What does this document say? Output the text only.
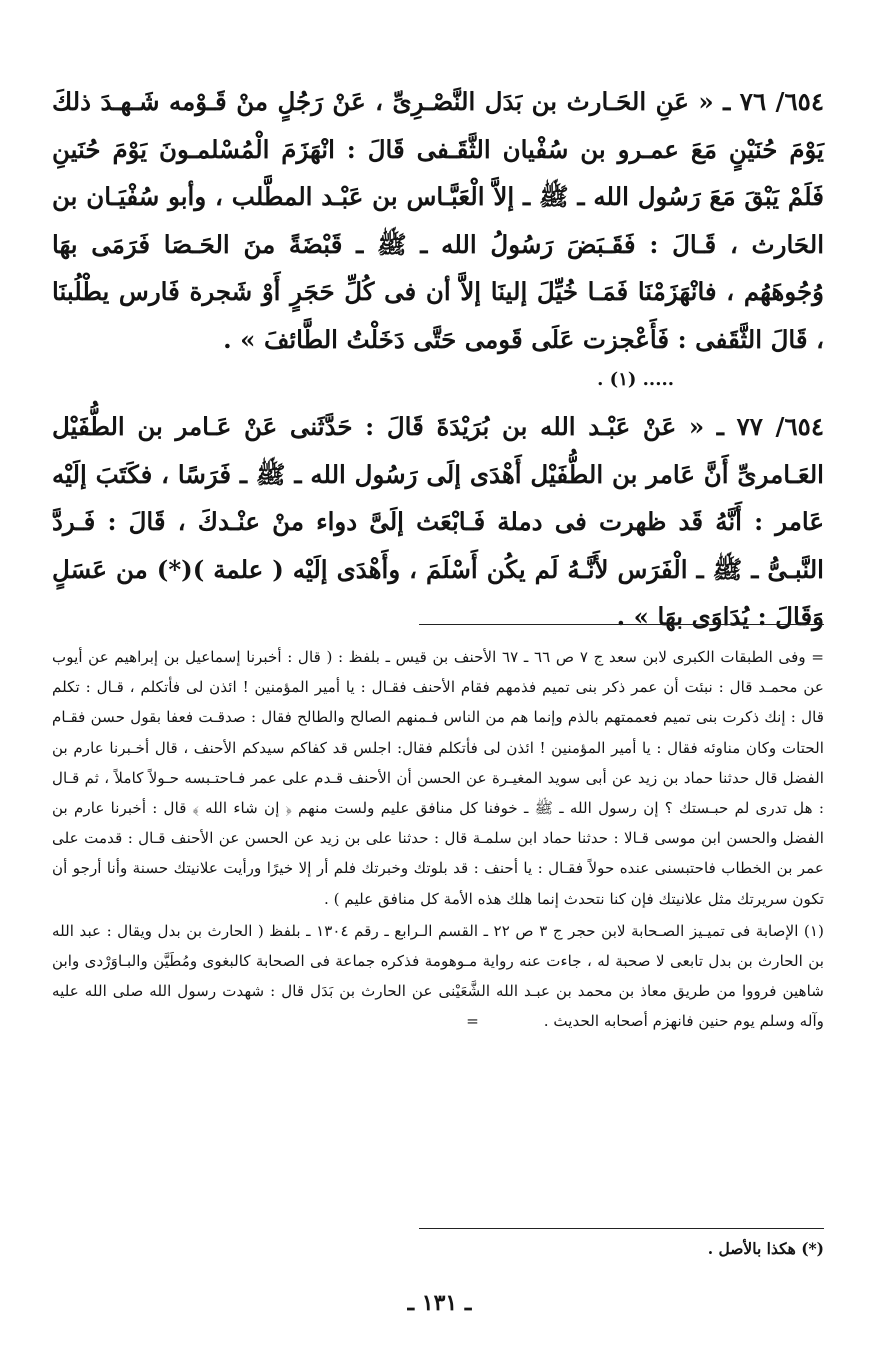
٦٥٤/ ٧٦ ـ « عَنِ الحَـارث بن بَدَل النَّصْـرِىِّ ، عَنْ رَجُلٍ منْ قَـوْمه شَـهـدَ ذلكَ يَوْمَ حُنَيْنٍ مَعَ عمـرو بن سُفْيان الثَّقَـفى قَالَ : انْهَزَمَ الْمُسْلمـونَ يَوْمَ حُنَينِ فَلَمْ يَبْقَ مَعَ رَسُول الله ـ ﷺ ـ إلاَّ الْعَبَّـاس بن عَبْـد المطَّلب ، وأبو سُفْيَـان بن الحَارث ، قَـالَ : فَقَـبَضَ رَسُولُ الله ـ ﷺ ـ قَبْضَةً منَ الحَـصَا فَرَمَى بهَا وُجُوهَهُم ، فانْهَزَمْنَا فَمَـا خُيِّلَ إلينَا إلاَّ أن فى كُلِّ حَجَرٍ أَوْ شَجرة فَارس يطْلُبنَا ، قَالَ الثَّقَفى : فَأَعْجزت عَلَى قَومى حَتَّى دَخَلْتُ الطَّائفَ » .

..... (١) .

٦٥٤/ ٧٧ ـ « عَنْ عَبْـد الله بن بُرَيْدَةَ قَالَ : حَدَّثَنى عَنْ عَـامر بن الطُّفَيْل العَـامرىِّ أَنَّ عَامر بن الطُّفَيْل أَهْدَى إلَى رَسُول الله ـ ﷺ ـ فَرَسًا ، فكَتَبَ إلَيْه عَامر : أَنَّهُ قَد ظهرت فى دملة فَـابْعَث إلَىَّ دواء منْ عنْـدكَ ، قَالَ : فَـردَّ النَّبـىُّ ـ ﷺ ـ الْفَرَس لأَنَّـهُ لَم يكُن أَسْلَمَ ، وأَهْدَى إلَيْه ( علمة )(*) من عَسَلٍ وَقَالَ : يُدَاوَى بهَا » .

= وفى الطبقات الكبرى لابن سعد ج ٧ ص ٦٦ ـ ٦٧ الأحنف بن قيس ـ بلفظ : ( قال : أخبرنا إسماعيل بن إبراهيم عن أيوب عن محمـد قال : نبئت أن عمر ذكر بنى تميم فذمهم فقام الأحنف فقـال : يا أمير المؤمنين ! ائذن لى فأتكلم ، قـال : تكلم قال : إنك ذكرت بنى تميم فعممتهم بالذم وإنما هم من الناس فـمنهم الصالح والطالح فقال : صدقـت فعفا بقول حسن فقـام الحتات وكان مناوئه فقال : يا أمير المؤمنين ! ائذن لى فأتكلم فقال: اجلس قد كفاكم سيدكم الأحنف ، قال أخـبرنا عارم بن الفضل قال حدثنا حماد بن زيد عن أبى سويد المغيـرة عن الحسن أن الأحنف قـدم على عمر فـاحتـبسه حـولاً كاملاً ، ثم قـال : هل تدرى لم حبـستك ؟ إن رسول الله ـ ﷺ ـ خوفنا كل منافق عليم ولست منهم ﴿ إن شاء الله ﴾ قال : أخبرنا عارم بن الفضل والحسن ابن موسى قـالا : حدثنا حماد ابن سلمـة قال : حدثنا على بن زيد عن الحسن عن الأحنف قـال : قدمت على عمر بن الخطاب فاحتبسنى عنده حولاً فقـال : يا أحنف : قد بلوتك وخبرتك فلم أر إلا خيرًا ورأيت علانيتك حسنة وأنا أرجو أن تكون سريرتك مثل علانيتك فإن كنا نتحدث إنما هلك هذه الأمة كل منافق عليم ) .

(١) الإصابة فى تميـيز الصـحابة لابن حجر ج ٣ ص ٢٢ ـ القسم الـرابع ـ رقم ١٣٠٤ ـ بلفظ ( الحارث بن بدل ويقال : عبد الله بن الحارث بن بدل تابعى لا صحبة له ، جاءت عنه رواية مـوهومة فذكره جماعة فى الصحابة كالبغوى ومُطَيَّن والبـاوَرْدى وابن شاهين فرووا من طريق معاذ بن محمد بن عبـد الله الشَّعَيْنى عن الحارث بن بَدَل قال : شهدت رسول الله صلى الله عليه وآله وسلم يوم حنين فانهزم أصحابه الحديث . =

(*) هكذا بالأصل .
ـ ١٣١ ـ
